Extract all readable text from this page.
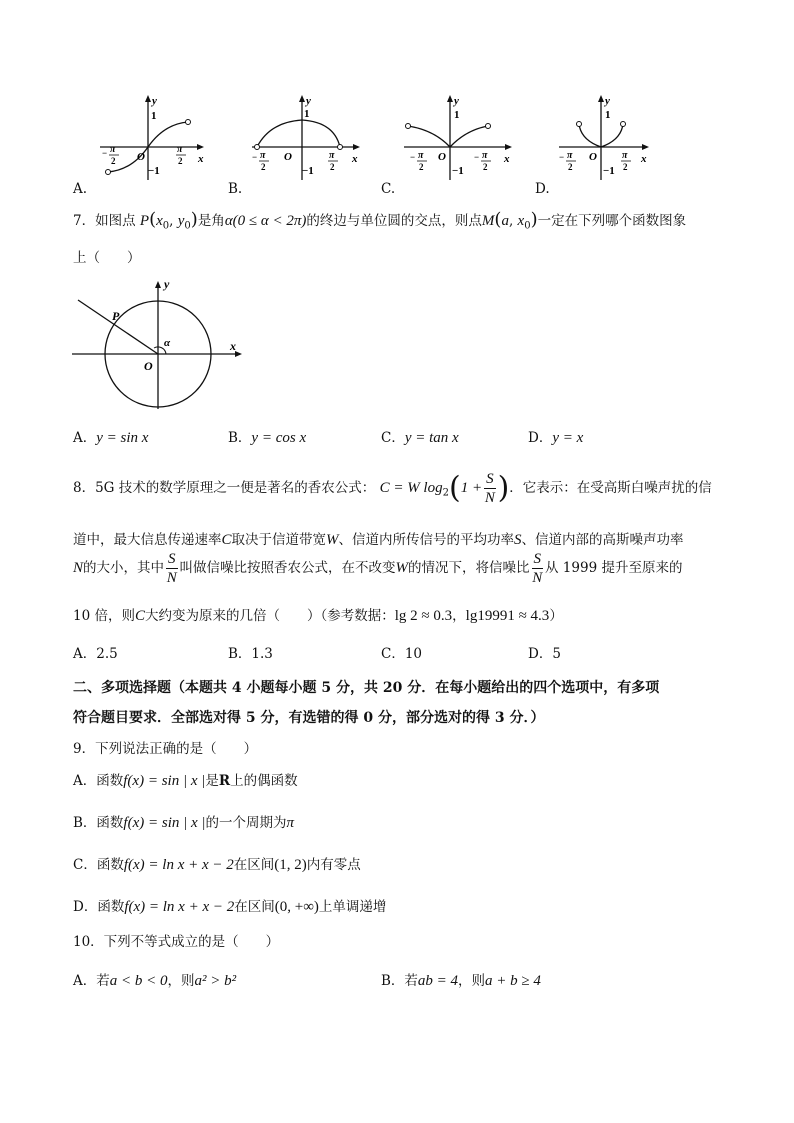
y
1
x
O
−1
− π
2
π
2
A.
y
1
x
O
−1
− π
2
π
2
B.
y
1
x
O
−1
− π
2
− π
2
C.
y
1
x
O
−1
− π
2
π
2
D.
7．如图点 $P(x_0$, $y_0$)是角α(0 ≤ α < 2π)的终边与单位圆的交点，则点M(a, $x_0$)一定在下列哪个函数图象
上（　　）
y
x
P
O
α
A．y = sin x	B．y = cos x	C．y = tan x	D．y = x
8．5G 技术的数学原理之一便是著名的香农公式： C = W $\log_2(1 + \frac{S}{N}$ )．它表示：在受高斯白噪声扰的信
道中，最大信息传递速率C取决于信道带宽W、信道内所传信号的平均功率S、信道内部的高斯噪声功率
N的大小，其中 $\frac{S}{N}$ 叫做信噪比按照香农公式，在不改变W的情况下，将信噪比 $\frac{S}{N}$ 从 1999 提升至原来的
10 倍，则C大约变为原来的几倍（　　）（参考数据：lg 2 ≈ 0.3，lg19991 ≈ 4.3）
A．2.5	B．1.3	C．10	D．5
二、多项选择题（本题共 4 小题每小题 5 分，共 20 分．在每小题给出的四个选项中，有多项
符合题目要求．全部选对得 5 分，有选错的得 0 分，部分选对的得 3 分．）
9．下列说法正确的是（　　）
A．函数f(x) = sin | x |是R上的偶函数
B．函数f(x) = sin | x |的一个周期为π
C．函数f(x) = ln x + x − 2在区间(1, 2)内有零点
D．函数f(x) = ln x + x − 2在区间(0, +∞)上单调递增
10．下列不等式成立的是（　　）
A．若a < b < 0，则a² > b²	B．若ab = 4，则a + b ≥ 4
